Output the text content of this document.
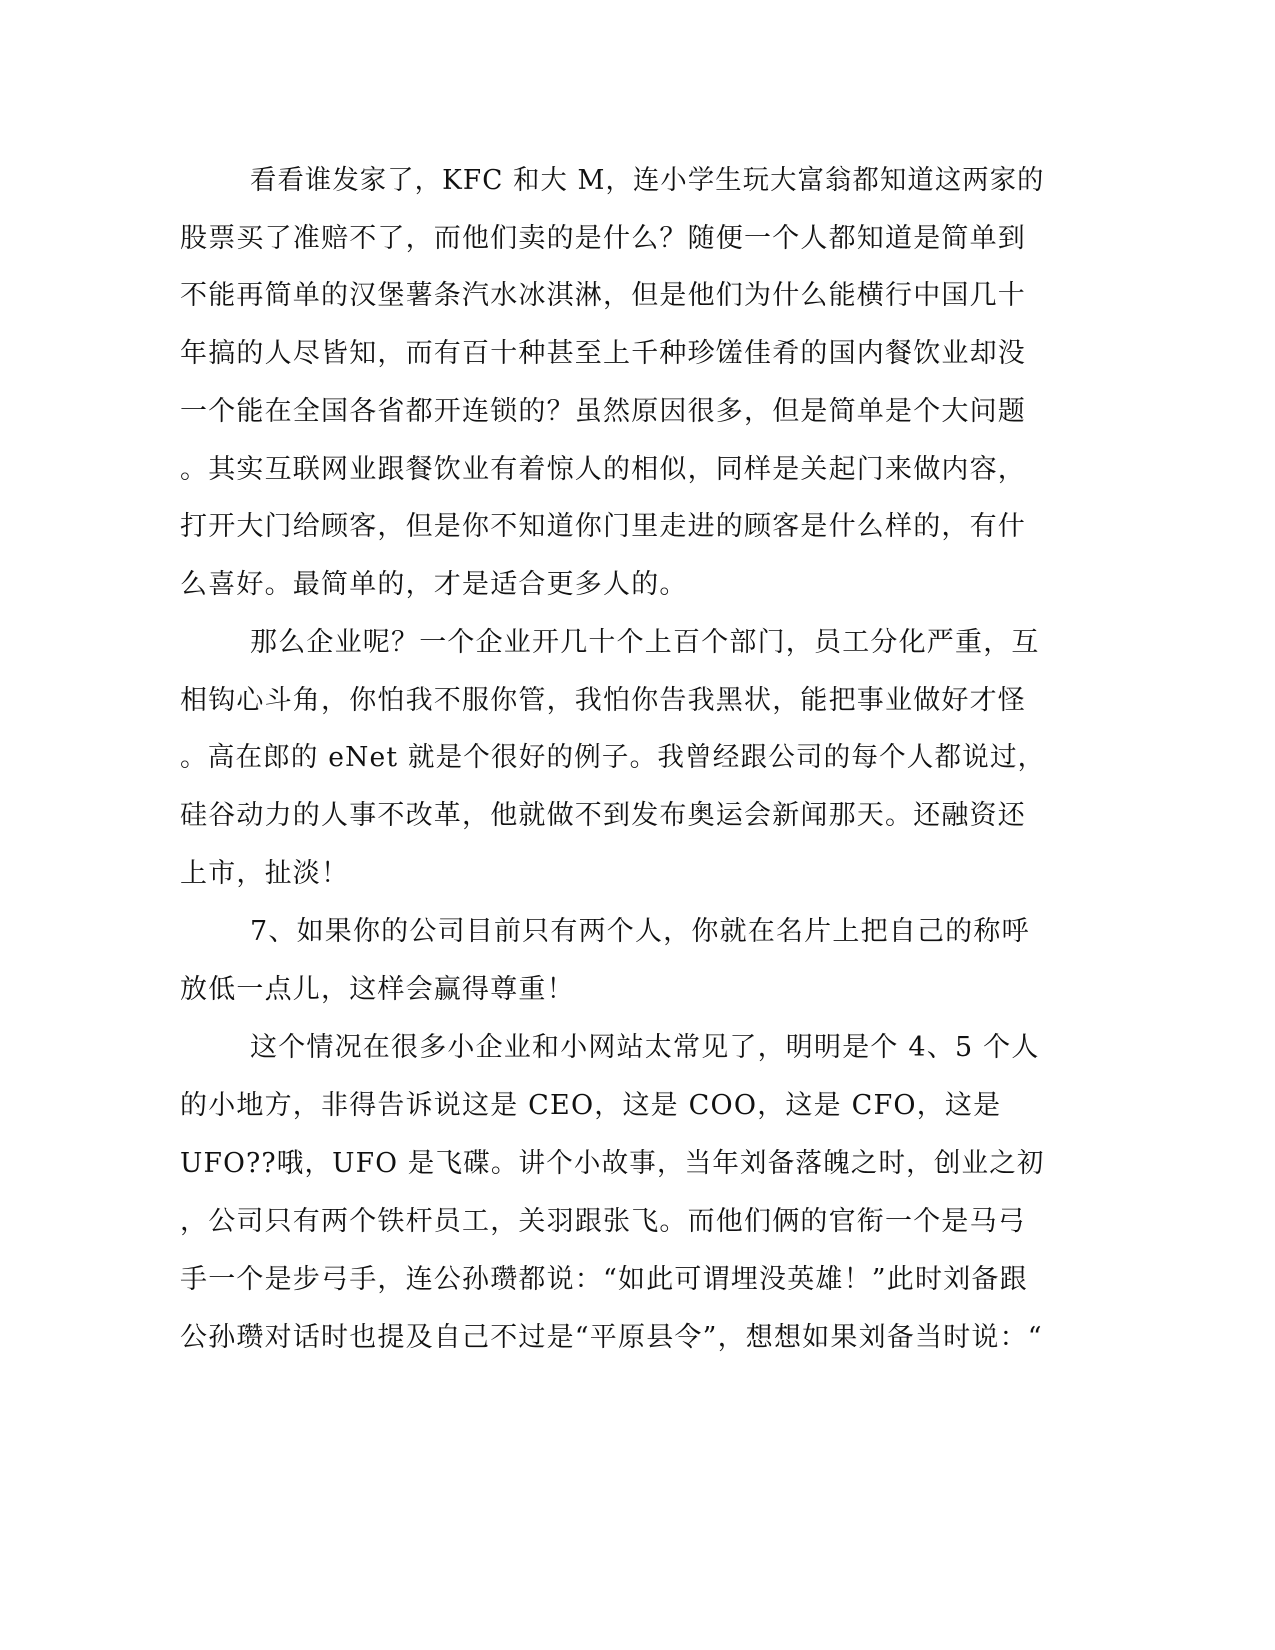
看看谁发家了，KFC 和大 M，连小学生玩大富翁都知道这两家的
股票买了准赔不了，而他们卖的是什么？随便一个人都知道是简单到
不能再简单的汉堡薯条汽水冰淇淋，但是他们为什么能横行中国几十
年搞的人尽皆知，而有百十种甚至上千种珍馐佳肴的国内餐饮业却没
一个能在全国各省都开连锁的？虽然原因很多，但是简单是个大问题
。其实互联网业跟餐饮业有着惊人的相似，同样是关起门来做内容，
打开大门给顾客，但是你不知道你门里走进的顾客是什么样的，有什
么喜好。最简单的，才是适合更多人的。
那么企业呢？一个企业开几十个上百个部门，员工分化严重，互
相钩心斗角，你怕我不服你管，我怕你告我黑状，能把事业做好才怪
。高在郎的 eNet 就是个很好的例子。我曾经跟公司的每个人都说过，
硅谷动力的人事不改革，他就做不到发布奥运会新闻那天。还融资还
上市，扯淡！
7、如果你的公司目前只有两个人，你就在名片上把自己的称呼
放低一点儿，这样会赢得尊重！
这个情况在很多小企业和小网站太常见了，明明是个 4、5 个人
的小地方，非得告诉说这是 CEO，这是 COO，这是 CFO，这是
UFO??哦，UFO 是飞碟。讲个小故事，当年刘备落魄之时，创业之初
，公司只有两个铁杆员工，关羽跟张飞。而他们俩的官衔一个是马弓
手一个是步弓手，连公孙瓒都说：“如此可谓埋没英雄！”此时刘备跟
公孙瓒对话时也提及自己不过是“平原县令”，想想如果刘备当时说：“
